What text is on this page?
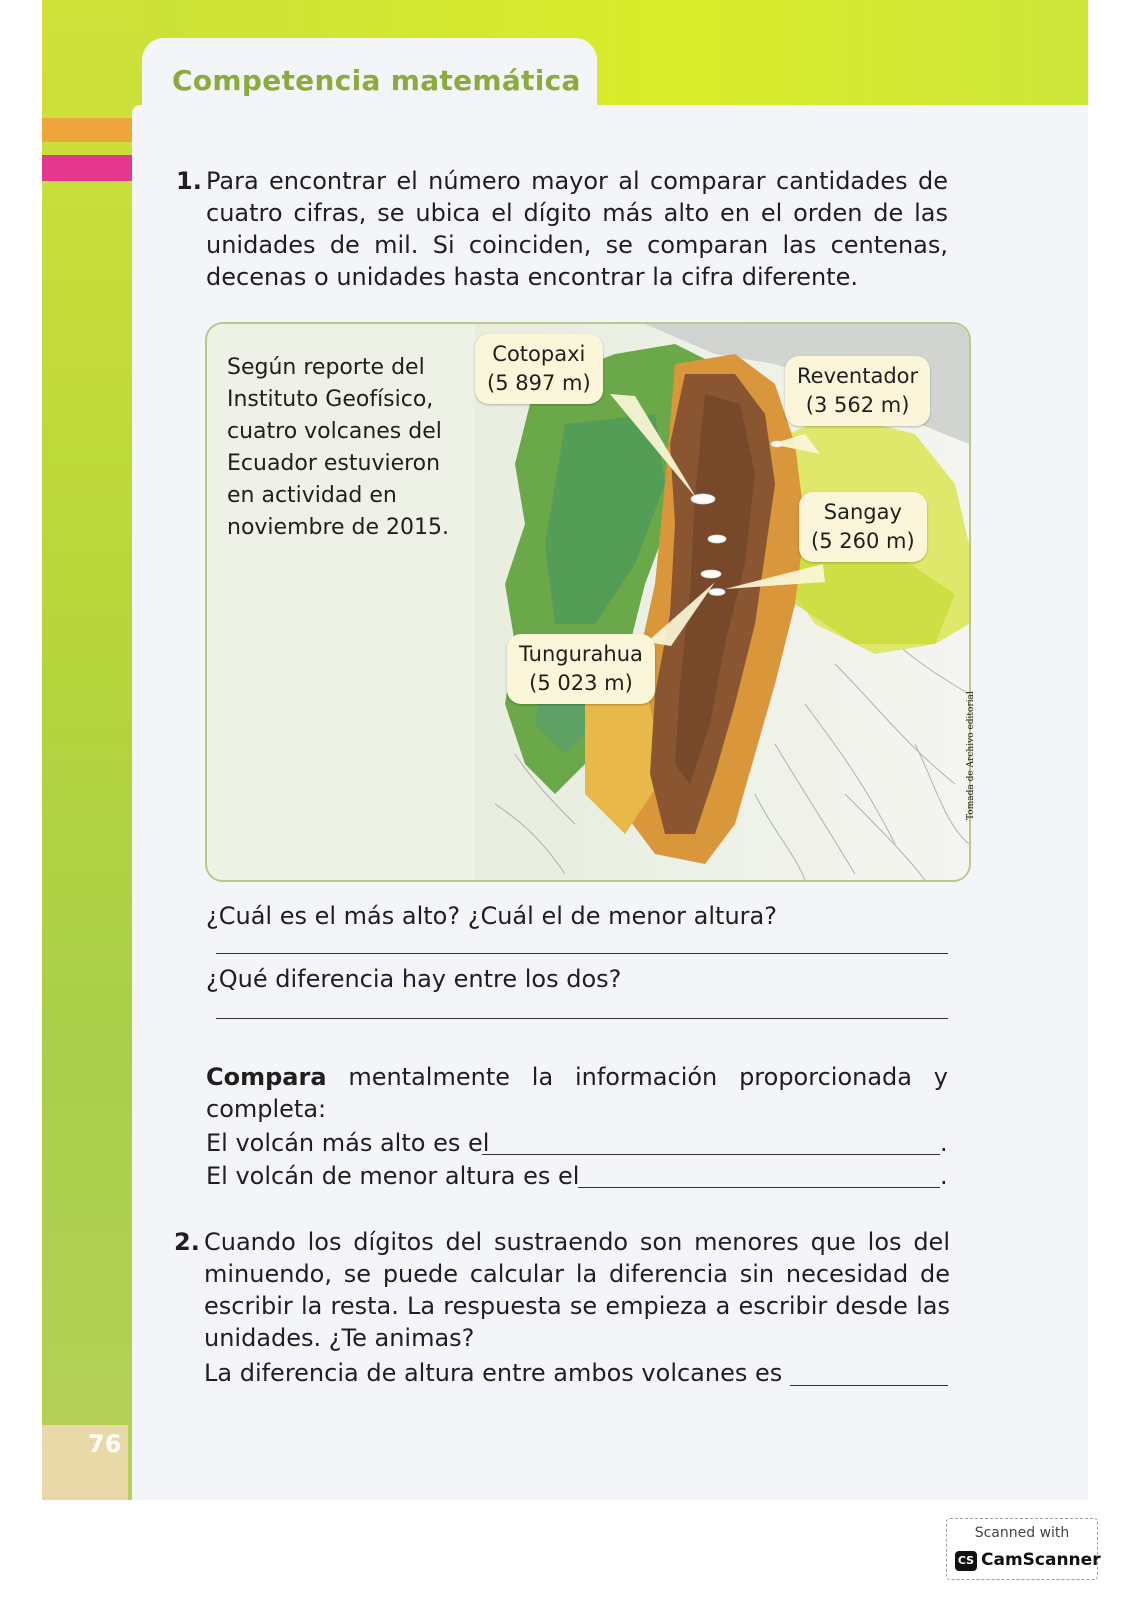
76
Competencia matemática
1. Para encontrar el número mayor al comparar cantidades de cuatro cifras, se ubica el dígito más alto en el orden de las unidades de mil. Si coinciden, se comparan las centenas, decenas o unidades hasta encontrar la cifra diferente.
Según reporte del Instituto Geofísico, cuatro volcanes del Ecuador estuvieron en actividad en noviembre de 2015.
Cotopaxi
(5 897 m)	Reventador
(3 562 m)
Sangay
(5 260 m)
Tungurahua
(5 023 m)
Tomada de Archivo editorial
¿Cuál es el más alto? ¿Cuál el de menor altura?
¿Qué diferencia hay entre los dos?
Compara mentalmente la información proporcionada y completa:
El volcán más alto es el	.
El volcán de menor altura es el	.
2. Cuando los dígitos del sustraendo son menores que los del minuendo, se puede calcular la diferencia sin necesidad de escribir la resta. La respuesta se empieza a escribir desde las unidades. ¿Te animas?
La diferencia de altura entre ambos volcanes es
Scanned with
CS CamScanner
